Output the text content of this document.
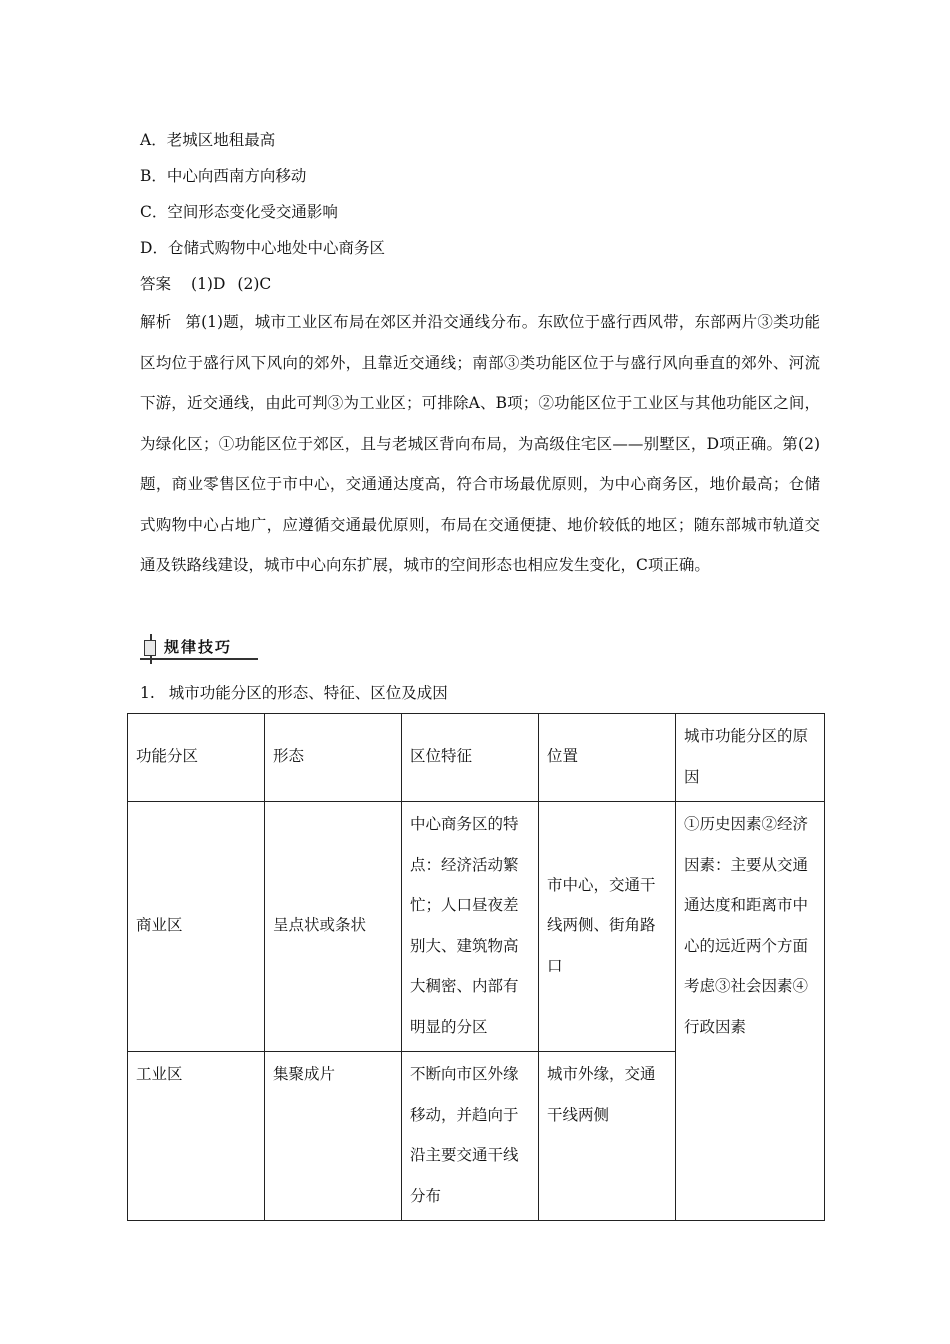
A．老城区地租最高
B．中心向西南方向移动
C．空间形态变化受交通影响
D．仓储式购物中心地处中心商务区
答案 (1)D (2)C
解析 第(1)题，城市工业区布局在郊区并沿交通线分布。东欧位于盛行西风带，东部两片③类功能区均位于盛行风下风向的郊外，且靠近交通线；南部③类功能区位于与盛行风向垂直的郊外、河流下游，近交通线，由此可判③为工业区；可排除A、B项；②功能区位于工业区与其他功能区之间，为绿化区；①功能区位于郊区，且与老城区背向布局，为高级住宅区——别墅区，D项正确。第(2)题，商业零售区位于市中心，交通通达度高，符合市场最优原则，为中心商务区，地价最高；仓储式购物中心占地广，应遵循交通最优原则，布局在交通便捷、地价较低的地区；随东部城市轨道交通及铁路线建设，城市中心向东扩展，城市的空间形态也相应发生变化，C项正确。
规律技巧
1. 城市功能分区的形态、特征、区位及成因
功能分区	形态	区位特征	位置	城市功能分区的原因
商业区	呈点状或条状	中心商务区的特点：经济活动繁忙；人口昼夜差别大、建筑物高大稠密、内部有明显的分区	市中心，交通干线两侧、街角路口	①历史因素②经济因素：主要从交通通达度和距离市中心的远近两个方面考虑③社会因素④行政因素
工业区	集聚成片	不断向市区外缘移动，并趋向于沿主要交通干线分布	城市外缘，交通干线两侧	
